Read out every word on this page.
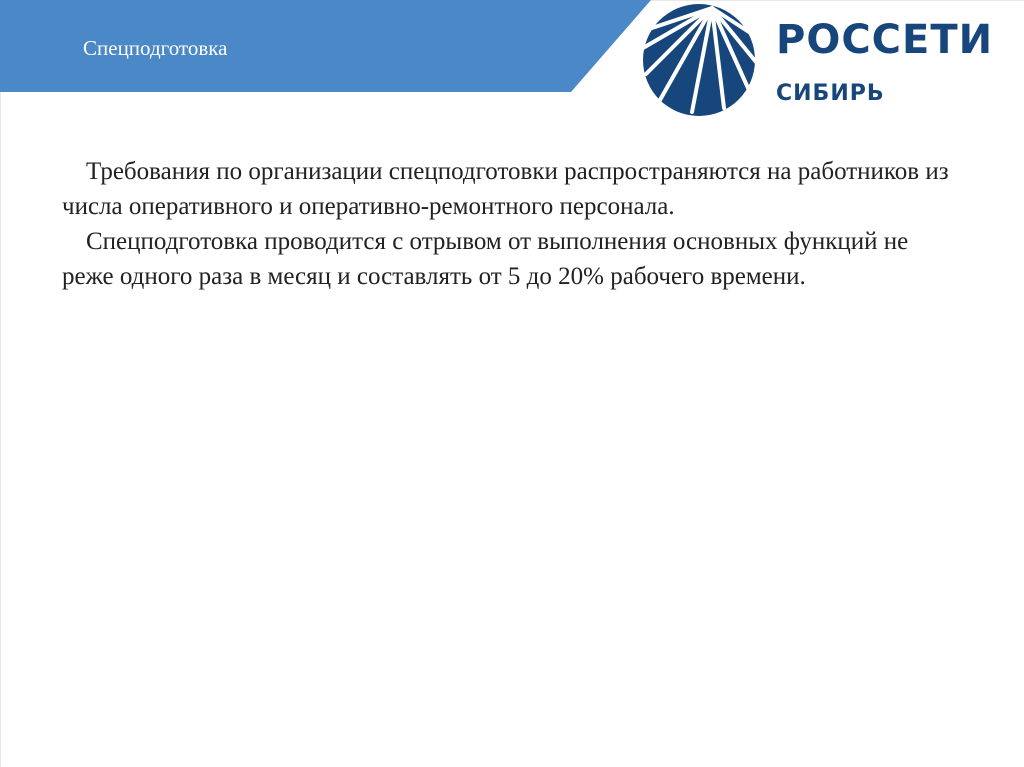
Спецподготовка	РОССЕТИ
СИБИРЬ

Требования по организации спецподготовки распространяются на работников из числа оперативного и оперативно-ремонтного персонала.

Спецподготовка проводится с отрывом от выполнения основных функций не реже одного раза в месяц и составлять от 5 до 20% рабочего времени.
